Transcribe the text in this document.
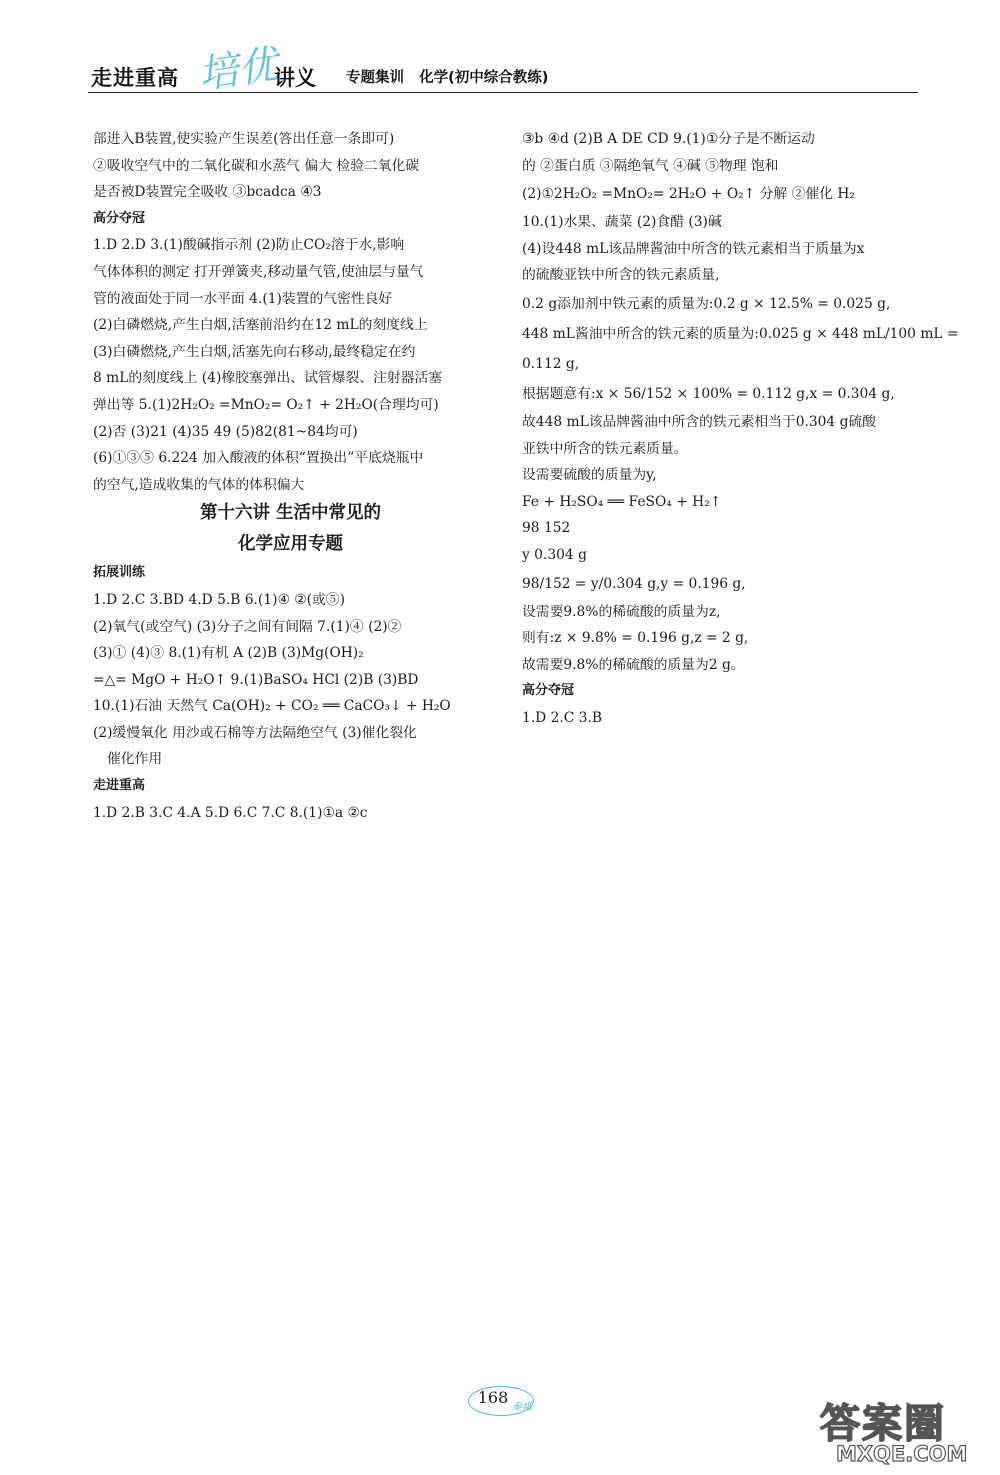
走进重高 培优
讲义 专题集训   化学(初中综合教练)
部进入B装置,使实验产生误差(答出任意一条即可)
②吸收空气中的二氧化碳和水蒸气 偏大 检验二氧化碳
是否被D装置完全吸收 ③bcadca ④3
高分夺冠
1.D 2.D 3.(1)酸碱指示剂 (2)防止CO₂溶于水,影响
气体体积的测定 打开弹簧夹,移动量气管,使油层与量气
管的液面处于同一水平面 4.(1)装置的气密性良好
(2)白磷燃烧,产生白烟,活塞前沿约在12 mL的刻度线上
(3)白磷燃烧,产生白烟,活塞先向右移动,最终稳定在约
8 mL的刻度线上 (4)橡胶塞弹出、试管爆裂、注射器活塞
弹出等 5.(1)2H₂O₂ =MnO₂= O₂↑ + 2H₂O(合理均可)
(2)否 (3)21 (4)35 49 (5)82(81~84均可)
(6)①③⑤ 6.224 加入酸液的体积“置换出”平底烧瓶中
的空气,造成收集的气体的体积偏大
第十六讲 生活中常见的
化学应用专题
拓展训练
1.D 2.C 3.BD 4.D 5.B 6.(1)④ ②(或⑤)
(2)氧气(或空气) (3)分子之间有间隔 7.(1)④ (2)②
(3)① (4)③ 8.(1)有机 A (2)B (3)Mg(OH)₂
=△= MgO + H₂O↑ 9.(1)BaSO₄ HCl (2)B (3)BD
10.(1)石油 天然气 Ca(OH)₂ + CO₂ ══ CaCO₃↓ + H₂O
(2)缓慢氧化 用沙或石棉等方法隔绝空气 (3)催化裂化
催化作用
走进重高
1.D 2.B 3.C 4.A 5.D 6.C 7.C 8.(1)①a ②c
③b ④d (2)B A DE CD 9.(1)①分子是不断运动
的 ②蛋白质 ③隔绝氧气 ④碱 ⑤物理 饱和
(2)①2H₂O₂ =MnO₂= 2H₂O + O₂↑ 分解 ②催化 H₂
10.(1)水果、蔬菜 (2)食醋 (3)碱
(4)设448 mL该品牌酱油中所含的铁元素相当于质量为x
的硫酸亚铁中所含的铁元素质量,
0.2 g添加剂中铁元素的质量为:0.2 g × 12.5% = 0.025 g,
448 mL酱油中所含的铁元素的质量为:0.025 g × 448 mL/100 mL =
0.112 g,
根据题意有:x × 56/152 × 100% = 0.112 g,x = 0.304 g,
故448 mL该品牌酱油中所含的铁元素相当于0.304 g硫酸
亚铁中所含的铁元素质量。
设需要硫酸的质量为y,
Fe + H₂SO₄ ══ FeSO₄ + H₂↑
98 152
y 0.304 g
98/152 = y/0.304 g,y = 0.196 g,
设需要9.8%的稀硫酸的质量为z,
则有:z × 9.8% = 0.196 g,z = 2 g,
故需要9.8%的稀硫酸的质量为2 g。
高分夺冠
1.D 2.C 3.B
168
秦娥	答案圈
MXQE.COM
